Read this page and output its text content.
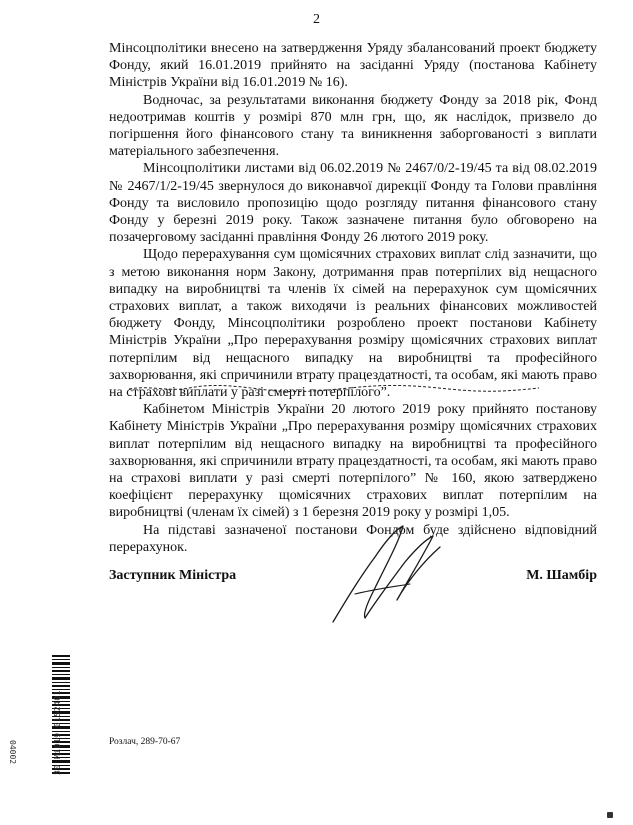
2

Мінсоцполітики внесено на затвердження Уряду збалансований проект бюджету Фонду, який 16.01.2019 прийнято на засіданні Уряду (постанова Кабінету Міністрів України від 16.01.2019 № 16).

Водночас, за результатами виконання бюджету Фонду за 2018 рік, Фонд недоотримав коштів у розмірі 870 млн грн, що, як наслідок, призвело до погіршення його фінансового стану та виникнення заборгованості з виплати матеріального забезпечення.

Мінсоцполітики листами від 06.02.2019 № 2467/0/2-19/45 та від 08.02.2019 № 2467/1/2-19/45 звернулося до виконавчої дирекції Фонду та Голови правління Фонду та висловило пропозицію щодо розгляду питання фінансового стану Фонду у березні 2019 року. Також зазначене питання було обговорено на позачерговому засіданні правління Фонду 26 лютого 2019 року.

Щодо перерахування сум щомісячних страхових виплат слід зазначити, що з метою виконання норм Закону, дотримання прав потерпілих від нещасного випадку на виробництві та членів їх сімей на перерахунок сум щомісячних страхових виплат, а також виходячи із реальних фінансових можливостей бюджету Фонду, Мінсоцполітики розроблено проект постанови Кабінету Міністрів України „Про перерахування розміру щомісячних страхових виплат потерпілим від нещасного випадку на виробництві та професійного захворювання, які спричинили втрату працездатності, та особам, які мають право на страхові виплати у разі смерті потерпілого”.

Кабінетом Міністрів України 20 лютого 2019 року прийнято постанову Кабінету Міністрів України „Про перерахування розміру щомісячних страхових виплат потерпілим від нещасного випадку на виробництві та професійного захворювання, які спричинили втрату працездатності, та особам, які мають право на страхові виплати у разі смерті потерпілого” № 160, якою затверджено коефіцієнт перерахунку щомісячних страхових виплат потерпілим на виробництві (членам їх сімей) з 1 березня 2019 року у розмірі 1,05.

На підставі зазначеної постанови Фондом буде здійснено відповідний перерахунок.

Заступник Міністра	М. Шамбір
30 Mi019 0152401
04002	Розлач, 289-70-67
